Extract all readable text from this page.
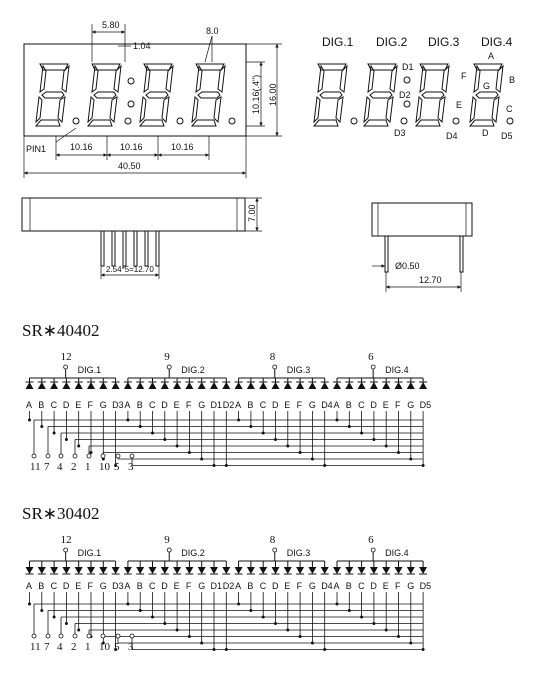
5.80
1.04
8.0
10.16(.4") 16.00
PIN1	10.16	10.16	10.16
40.50
DIG.1 DIG.2 DIG.3 DIG.4
D1
D2
D3	D4	D5
A
B
C
D
E
F
G
2.54*5=12.70
7.00
Ø0.50
12.70
SR∗40402
12
DIG.1
9
DIG.2
8
DIG.3
6
DIG.4
A B C D E F G D3 A B C D E F G D1 D2 A B C D E F G D4 A B C D E F G D5
11 7 4 2 1 10 5 3
SR∗30402
12
DIG.1
9
DIG.2
8
DIG.3
6
DIG.4
A B C D E F G D3 A B C D E F G D1 D2 A B C D E F G D4 A B C D E F G D5
11 7 4 2 1 10 5 3
